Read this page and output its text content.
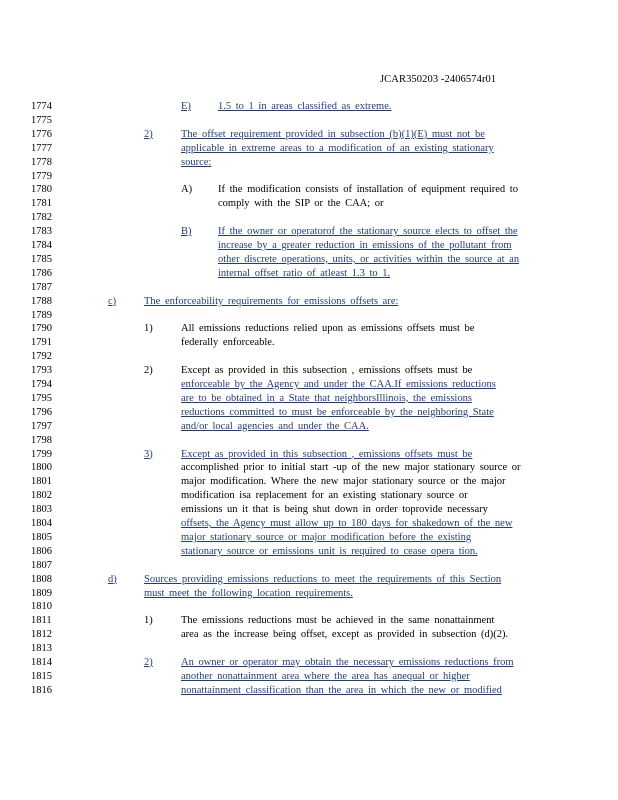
JCAR350203 -2406574r01
1774	E)	1.5 to 1 in areas classified as extreme.
1775
1776	2)	The offset requirement provided in subsection (b)(1)(E) must not be
1777	applicable in extreme areas to a modification of an existing stationary
1778	source:
1779
1780	A) If the modification consists of installation of equipment required to
1781	comply with the SIP or the CAA; or
1782
1783	B)	If the owner or operatorof the stationary source elects to offset the
1784	increase by a greater reduction in emissions of the pollutant from
1785	other discrete operations, units, or activities within the source at an
1786	internal offset ratio of atleast 1.3 to 1.
1787
1788	c)	The enforceability requirements for emissions offsets are:
1789
1790	1)	All emissions reductions relied upon as emissions offsets must be
1791	federally enforceable.
1792
1793	2)	Except as provided in this subsection , emissions offsets must be
1794	enforceable by the Agency and under the CAA.If emissions reductions
1795	are to be obtained in a State that neighborsIllinois, the emissions
1796	reductions committed to must be enforceable by the neighboring State
1797	and/or local agencies and under the CAA.
1798
1799	3)	Except as provided in this subsection , emissions offsets must be
1800	accomplished prior to initial start -up of the new major stationary source or
1801	major modification. Where the new major stationary source or the major
1802	modification isa replacement for an existing stationary source or
1803	emissions un it that is being shut down in order toprovide necessary
1804	offsets, the Agency must allow up to 180 days for shakedown of the new
1805	major stationary source or major modification before the existing
1806	stationary source or emissions unit is required to cease opera tion.
1807
1808	d)	Sources providing emissions reductions to meet the requirements of this Section
1809	must meet the following location requirements.
1810
1811	1)	The emissions reductions must be achieved in the same nonattainment
1812	area as the increase being offset, except as provided in subsection (d)(2).
1813
1814	2)	An owner or operator may obtain the necessary emissions reductions from
1815	another nonattainment area where the area has anequal or higher
1816	nonattainment classification than the area in which the new or modified
